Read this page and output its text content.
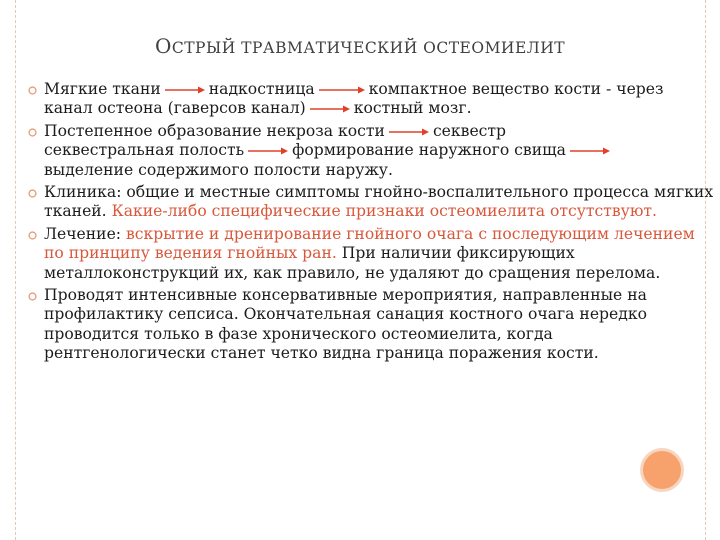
ОСТРЫЙ ТРАВМАТИЧЕСКИЙ ОСТЕОМИЕЛИТ
Мягкие ткани	надкостница	компактное вещество кости - через канал остеона (гаверсов канал)	костный мозг.
Постепенное образование некроза кости	секвестр
секвестральная полость	формирование наружного свища

выделение содержимого полости наружу.
Клиника: общие и местные симптомы гнойно-воспалительного процесса мягких тканей. Какие-либо специфические признаки остеомиелита отсутствуют.
Лечение: вскрытие и дренирование гнойного очага с последующим лечением по принципу ведения гнойных ран. При наличии фиксирующих металлоконструкций их, как правило, не удаляют до сращения перелома.
Проводят интенсивные консервативные мероприятия, направленные на профилактику сепсиса. Окончательная санация костного очага нередко проводится только в фазе хронического остеомиелита, когда рентгенологически станет четко видна граница поражения кости.
